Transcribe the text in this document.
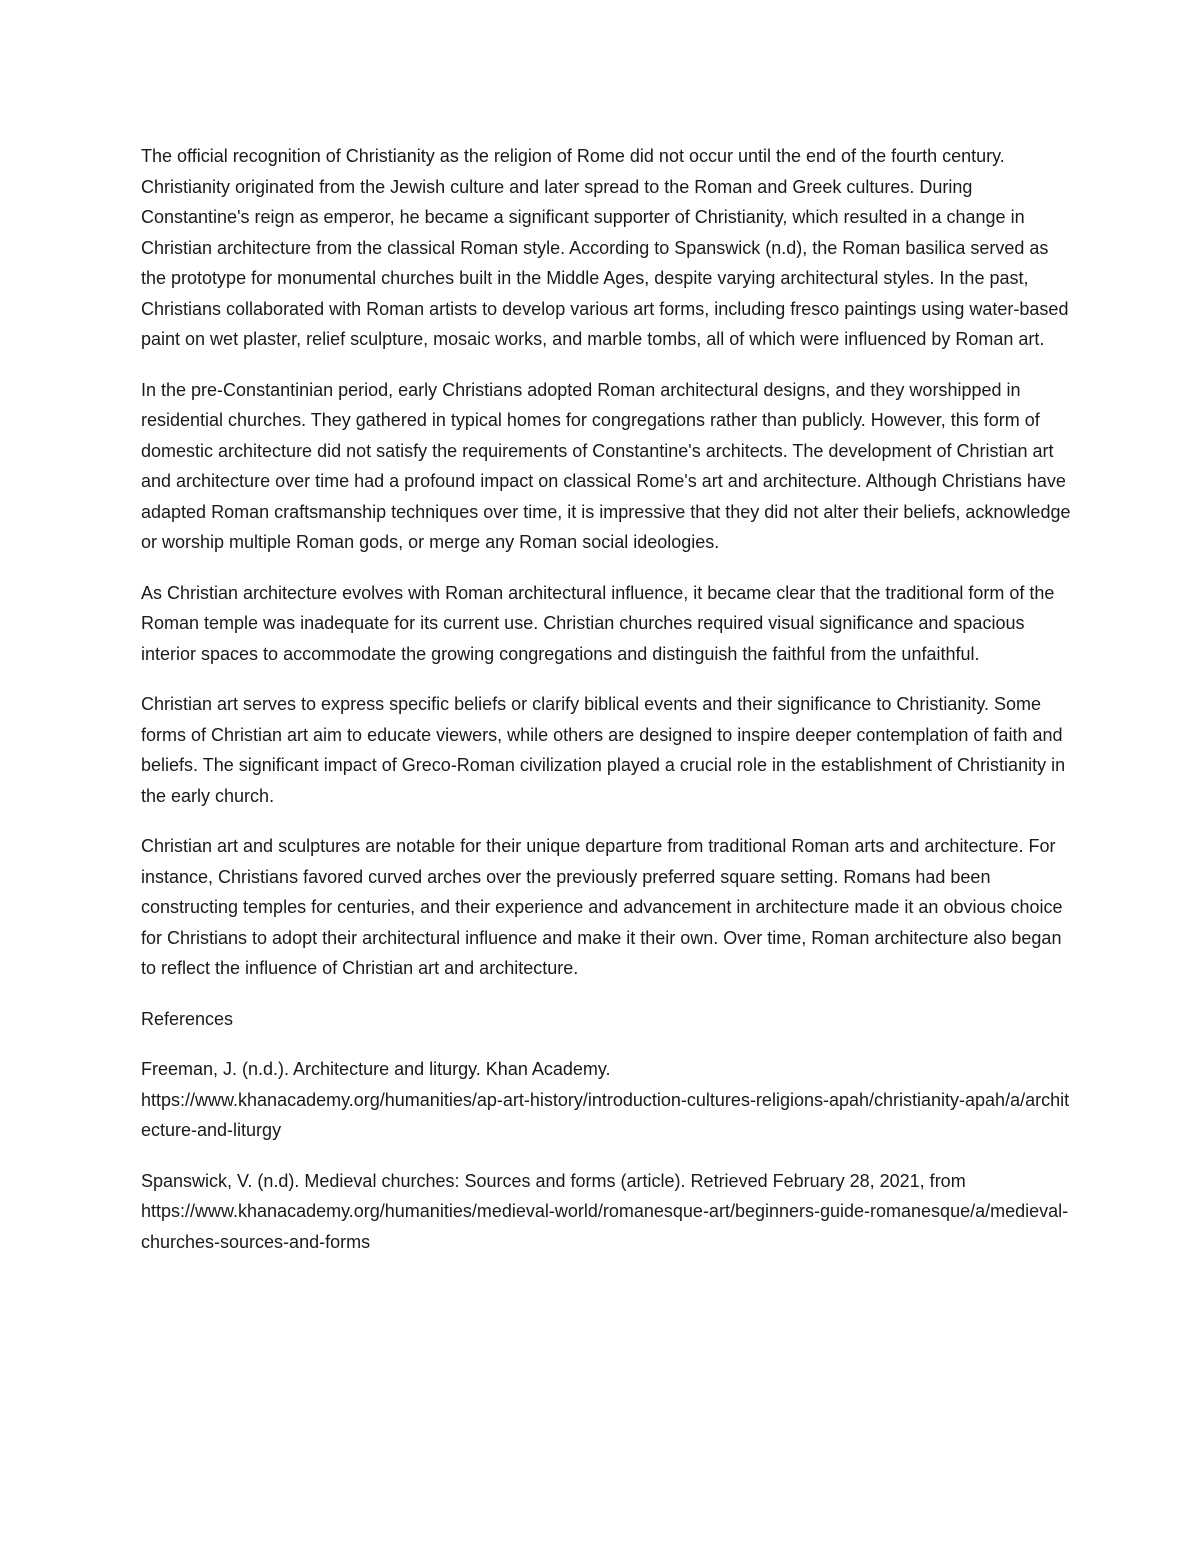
The official recognition of Christianity as the religion of Rome did not occur until the end of the fourth century. Christianity originated from the Jewish culture and later spread to the Roman and Greek cultures. During Constantine's reign as emperor, he became a significant supporter of Christianity, which resulted in a change in Christian architecture from the classical Roman style. According to Spanswick (n.d), the Roman basilica served as the prototype for monumental churches built in the Middle Ages, despite varying architectural styles. In the past, Christians collaborated with Roman artists to develop various art forms, including fresco paintings using water-based paint on wet plaster, relief sculpture, mosaic works, and marble tombs, all of which were influenced by Roman art.

In the pre-Constantinian period, early Christians adopted Roman architectural designs, and they worshipped in residential churches. They gathered in typical homes for congregations rather than publicly. However, this form of domestic architecture did not satisfy the requirements of Constantine's architects. The development of Christian art and architecture over time had a profound impact on classical Rome's art and architecture. Although Christians have adapted Roman craftsmanship techniques over time, it is impressive that they did not alter their beliefs, acknowledge or worship multiple Roman gods, or merge any Roman social ideologies.

As Christian architecture evolves with Roman architectural influence, it became clear that the traditional form of the Roman temple was inadequate for its current use. Christian churches required visual significance and spacious interior spaces to accommodate the growing congregations and distinguish the faithful from the unfaithful.

Christian art serves to express specific beliefs or clarify biblical events and their significance to Christianity. Some forms of Christian art aim to educate viewers, while others are designed to inspire deeper contemplation of faith and beliefs. The significant impact of Greco-Roman civilization played a crucial role in the establishment of Christianity in the early church.

Christian art and sculptures are notable for their unique departure from traditional Roman arts and architecture. For instance, Christians favored curved arches over the previously preferred square setting. Romans had been constructing temples for centuries, and their experience and advancement in architecture made it an obvious choice for Christians to adopt their architectural influence and make it their own. Over time, Roman architecture also began to reflect the influence of Christian art and architecture.

References

Freeman, J. (n.d.). Architecture and liturgy. Khan Academy.
https://www.khanacademy.org/humanities/ap-art-history/introduction-cultures-religions-apah/christianity-apah/a/architecture-and-liturgy

Spanswick, V. (n.d). Medieval churches: Sources and forms (article). Retrieved February 28, 2021, from
https://www.khanacademy.org/humanities/medieval-world/romanesque-art/beginners-guide-romanesque/a/medieval-churches-sources-and-forms
